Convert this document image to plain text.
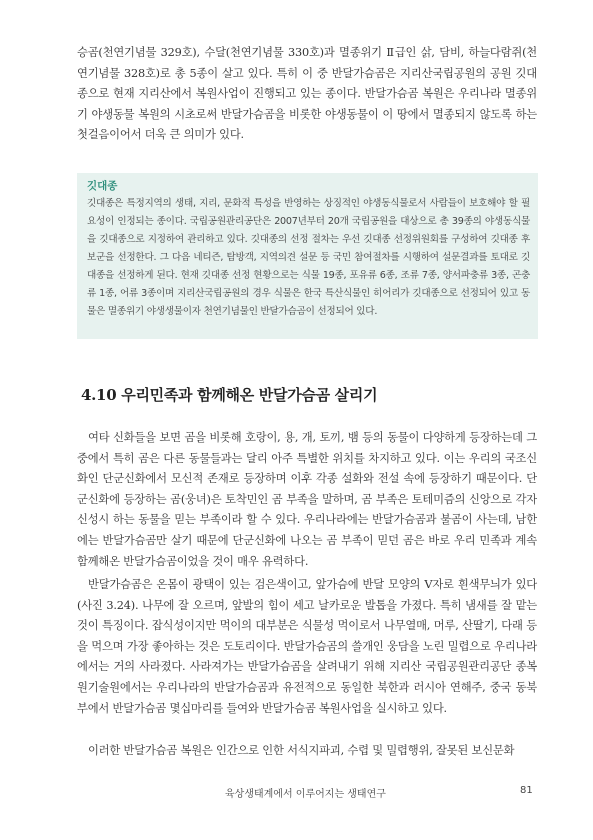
승곰(천연기념물 329호), 수달(천연기념물 330호)과 멸종위기 Ⅱ급인 삵, 담비, 하늘다람쥐(천연기념물 328호)로 총 5종이 살고 있다. 특히 이 중 반달가슴곰은 지리산국립공원의 공원 깃대종으로 현재 지리산에서 복원사업이 진행되고 있는 종이다. 반달가슴곰 복원은 우리나라 멸종위기 야생동물 복원의 시초로써 반달가슴곰을 비롯한 야생동물이 이 땅에서 멸종되지 않도록 하는 첫걸음이어서 더욱 큰 의미가 있다.

깃대종

깃대종은 특정지역의 생태, 지리, 문화적 특성을 반영하는 상징적인 야생동식물로서 사람들이 보호해야 할 필요성이 인정되는 종이다. 국립공원관리공단은 2007년부터 20개 국립공원을 대상으로 총 39종의 야생동식물을 깃대종으로 지정하여 관리하고 있다. 깃대종의 선정 절차는 우선 깃대종 선정위원회를 구성하여 깃대종 후보군을 선정한다. 그 다음 네티즌, 탐방객, 지역의견 설문 등 국민 참여절차를 시행하여 설문결과를 토대로 깃대종을 선정하게 된다. 현재 깃대종 선정 현황으로는 식물 19종, 포유류 6종, 조류 7종, 양서파충류 3종, 곤충류 1종, 어류 3종이며 지리산국립공원의 경우 식물은 한국 특산식물인 히어리가 깃대종으로 선정되어 있고 동물은 멸종위기 야생생물이자 천연기념물인 반달가슴곰이 선정되어 있다.

4.10 우리민족과 함께해온 반달가슴곰 살리기

여타 신화들을 보면 곰을 비롯해 호랑이, 용, 개, 토끼, 뱀 등의 동물이 다양하게 등장하는데 그 중에서 특히 곰은 다른 동물들과는 달리 아주 특별한 위치를 차지하고 있다. 이는 우리의 국조신화인 단군신화에서 모신적 존재로 등장하며 이후 각종 설화와 전설 속에 등장하기 때문이다. 단군신화에 등장하는 곰(웅녀)은 토착민인 곰 부족을 말하며, 곰 부족은 토테미즘의 신앙으로 각자 신성시 하는 동물을 믿는 부족이라 할 수 있다. 우리나라에는 반달가슴곰과 불곰이 사는데, 남한에는 반달가슴곰만 살기 때문에 단군신화에 나오는 곰 부족이 믿던 곰은 바로 우리 민족과 계속 함께해온 반달가슴곰이었을 것이 매우 유력하다.

반달가슴곰은 온몸이 광택이 있는 검은색이고, 앞가슴에 반달 모양의 V자로 흰색무늬가 있다(사진 3.24). 나무에 잘 오르며, 앞발의 힘이 세고 날카로운 발톱을 가졌다. 특히 냄새를 잘 맡는 것이 특징이다. 잡식성이지만 먹이의 대부분은 식물성 먹이로서 나무열매, 머루, 산딸기, 다래 등을 먹으며 가장 좋아하는 것은 도토리이다. 반달가슴곰의 쓸개인 웅담을 노린 밀렵으로 우리나라에서는 거의 사라졌다. 사라져가는 반달가슴곰을 살려내기 위해 지리산 국립공원관리공단 종복원기술원에서는 우리나라의 반달가슴곰과 유전적으로 동일한 북한과 러시아 연해주, 중국 동북부에서 반달가슴곰 몇십마리를 들여와 반달가슴곰 복원사업을 실시하고 있다.

이러한 반달가슴곰 복원은 인간으로 인한 서식지파괴, 수렵 및 밀렵행위, 잘못된 보신문화

육상생태계에서 이루어지는 생태연구	81
